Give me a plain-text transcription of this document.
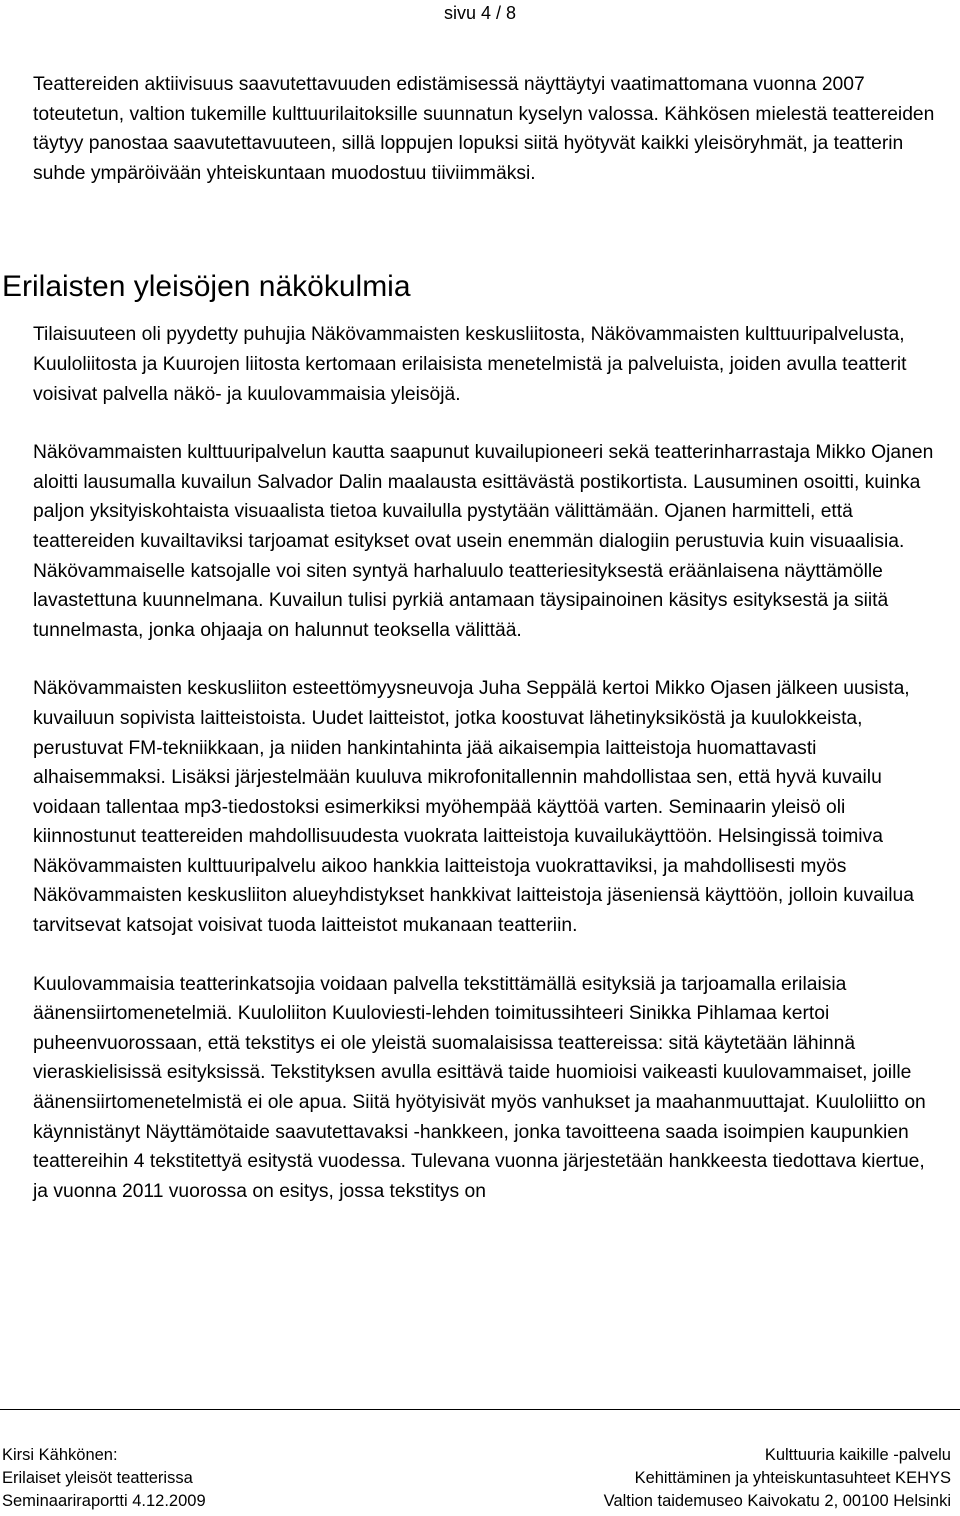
sivu 4 / 8

Teattereiden aktiivisuus saavutettavuuden edistämisessä näyttäytyi vaatimattomana vuonna 2007 toteutetun, valtion tukemille kulttuurilaitoksille suunnatun kyselyn valossa. Kähkösen mielestä teattereiden täytyy panostaa saavutettavuuteen, sillä loppujen lopuksi siitä hyötyvät kaikki yleisöryhmät, ja teatterin suhde ympäröivään yhteiskuntaan muodostuu tiiviimmäksi.

Erilaisten yleisöjen näkökulmia

Tilaisuuteen oli pyydetty puhujia Näkövammaisten keskusliitosta, Näkövammaisten kulttuuripalvelusta, Kuuloliitosta ja Kuurojen liitosta kertomaan erilaisista menetelmistä ja palveluista, joiden avulla teatterit voisivat palvella näkö- ja kuulovammaisia yleisöjä.

Näkövammaisten kulttuuripalvelun kautta saapunut kuvailupioneeri sekä teatterinharrastaja Mikko Ojanen aloitti lausumalla kuvailun Salvador Dalin maalausta esittävästä postikortista. Lausuminen osoitti, kuinka paljon yksityiskohtaista visuaalista tietoa kuvailulla pystytään välittämään. Ojanen harmitteli, että teattereiden kuvailtaviksi tarjoamat esitykset ovat usein enemmän dialogiin perustuvia kuin visuaalisia. Näkövammaiselle katsojalle voi siten syntyä harhaluulo teatteriesityksestä eräänlaisena näyttämölle lavastettuna kuunnelmana. Kuvailun tulisi pyrkiä antamaan täysipainoinen käsitys esityksestä ja siitä tunnelmasta, jonka ohjaaja on halunnut teoksella välittää.

Näkövammaisten keskusliiton esteettömyysneuvoja Juha Seppälä kertoi Mikko Ojasen jälkeen uusista, kuvailuun sopivista laitteistoista. Uudet laitteistot, jotka koostuvat lähetinyksiköstä ja kuulokkeista, perustuvat FM-tekniikkaan, ja niiden hankintahinta jää aikaisempia laitteistoja huomattavasti alhaisemmaksi. Lisäksi järjestelmään kuuluva mikrofonitallennin mahdollistaa sen, että hyvä kuvailu voidaan tallentaa mp3-tiedostoksi esimerkiksi myöhempää käyttöä varten. Seminaarin yleisö oli kiinnostunut teattereiden mahdollisuudesta vuokrata laitteistoja kuvailukäyttöön. Helsingissä toimiva Näkövammaisten kulttuuripalvelu aikoo hankkia laitteistoja vuokrattaviksi, ja mahdollisesti myös Näkövammaisten keskusliiton alueyhdistykset hankkivat laitteistoja jäseniensä käyttöön, jolloin kuvailua tarvitsevat katsojat voisivat tuoda laitteistot mukanaan teatteriin.

Kuulovammaisia teatterinkatsojia voidaan palvella tekstittämällä esityksiä ja tarjoamalla erilaisia äänensiirtomenetelmiä. Kuuloliiton Kuuloviesti-lehden toimitussihteeri Sinikka Pihlamaa kertoi puheenvuorossaan, että tekstitys ei ole yleistä suomalaisissa teattereissa: sitä käytetään lähinnä vieraskielisissä esityksissä. Tekstityksen avulla esittävä taide huomioisi vaikeasti kuulovammaiset, joille äänensiirtomenetelmistä ei ole apua. Siitä hyötyisivät myös vanhukset ja maahanmuuttajat. Kuuloliitto on käynnistänyt Näyttämötaide saavutettavaksi -hankkeen, jonka tavoitteena saada isoimpien kaupunkien teattereihin 4 tekstitettyä esitystä vuodessa. Tulevana vuonna järjestetään hankkeesta tiedottava kiertue, ja vuonna 2011 vuorossa on esitys, jossa tekstitys on

Kirsi Kähkönen:
Erilaiset yleisöt teatterissa
Seminaariraportti 4.12.2009
Kulttuuria kaikille -palvelu
Kehittäminen ja yhteiskuntasuhteet KEHYS
Valtion taidemuseo Kaivokatu 2, 00100 Helsinki
